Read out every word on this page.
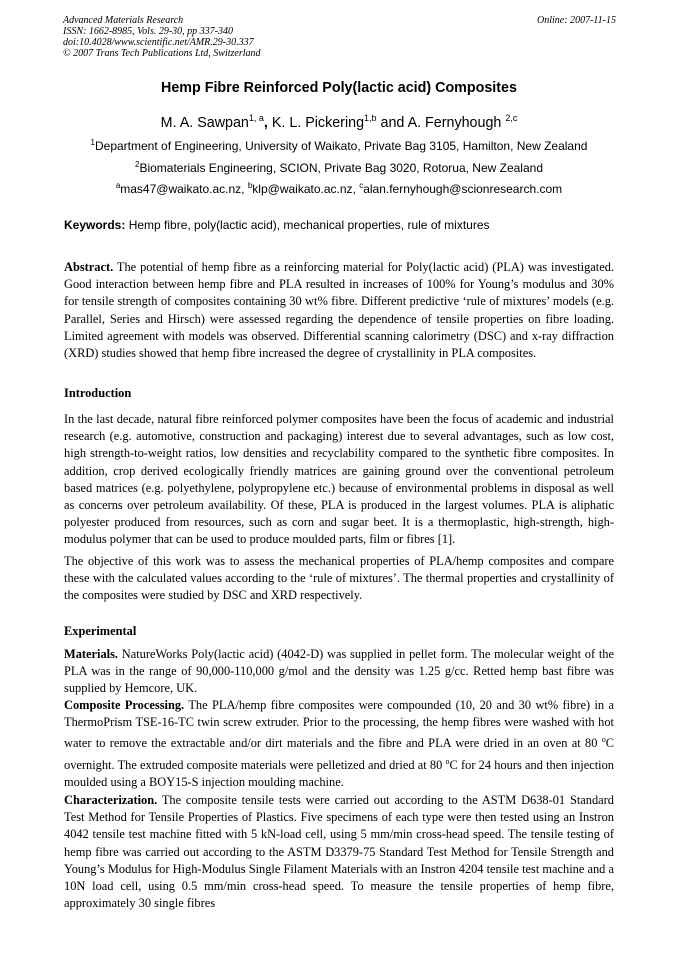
Advanced Materials Research
ISSN: 1662-8985, Vols. 29-30, pp 337-340
doi:10.4028/www.scientific.net/AMR.29-30.337
© 2007 Trans Tech Publications Ltd, Switzerland
Online: 2007-11-15
Hemp Fibre Reinforced Poly(lactic acid) Composites
M. A. Sawpan$^{1, a}$, K. L. Pickering$^{1,b}$ and A. Fernyhough $^{2,c}$
$^1$Department of Engineering, University of Waikato, Private Bag 3105, Hamilton, New Zealand
$^2$Biomaterials Engineering, SCION, Private Bag 3020, Rotorua, New Zealand
$^a$mas47@waikato.ac.nz, $^b$klp@waikato.ac.nz, $^c$alan.fernyhough@scionresearch.com
Keywords: Hemp fibre, poly(lactic acid), mechanical properties, rule of mixtures
Abstract. The potential of hemp fibre as a reinforcing material for Poly(lactic acid) (PLA) was investigated. Good interaction between hemp fibre and PLA resulted in increases of 100% for Young’s modulus and 30% for tensile strength of composites containing 30 wt% fibre. Different predictive ‘rule of mixtures’ models (e.g. Parallel, Series and Hirsch) were assessed regarding the dependence of tensile properties on fibre loading. Limited agreement with models was observed. Differential scanning calorimetry (DSC) and x-ray diffraction (XRD) studies showed that hemp fibre increased the degree of crystallinity in PLA composites.
Introduction
In the last decade, natural fibre reinforced polymer composites have been the focus of academic and industrial research (e.g. automotive, construction and packaging) interest due to several advantages, such as low cost, high strength-to-weight ratios, low densities and recyclability compared to the synthetic fibre composites. In addition, crop derived ecologically friendly matrices are gaining ground over the conventional petroleum based matrices (e.g. polyethylene, polypropylene etc.) because of environmental problems in disposal as well as concerns over petroleum availability. Of these, PLA is produced in the largest volumes. PLA is aliphatic polyester produced from resources, such as corn and sugar beet. It is a thermoplastic, high-strength, high-modulus polymer that can be used to produce moulded parts, film or fibres [1].
The objective of this work was to assess the mechanical properties of PLA/hemp composites and compare these with the calculated values according to the ‘rule of mixtures’. The thermal properties and crystallinity of the composites were studied by DSC and XRD respectively.
Experimental
Materials. NatureWorks Poly(lactic acid) (4042-D) was supplied in pellet form. The molecular weight of the PLA was in the range of 90,000-110,000 g/mol and the density was 1.25 g/cc. Retted hemp bast fibre was supplied by Hemcore, UK.
Composite Processing. The PLA/hemp fibre composites were compounded (10, 20 and 30 wt% fibre) in a ThermoPrism TSE-16-TC twin screw extruder. Prior to the processing, the hemp fibres were washed with hot water to remove the extractable and/or dirt materials and the fibre and PLA were dried in an oven at 80 $^o$C overnight. The extruded composite materials were pelletized and dried at 80 $^o$C for 24 hours and then injection moulded using a BOY15-S injection moulding machine.
Characterization. The composite tensile tests were carried out according to the ASTM D638-01 Standard Test Method for Tensile Properties of Plastics. Five specimens of each type were then tested using an Instron 4042 tensile test machine fitted with 5 kN-load cell, using 5 mm/min cross-head speed. The tensile testing of hemp fibre was carried out according to the ASTM D3379-75 Standard Test Method for Tensile Strength and Young’s Modulus for High-Modulus Single Filament Materials with an Instron 4204 tensile test machine and a 10N load cell, using 0.5 mm/min cross-head speed. To measure the tensile properties of hemp fibre, approximately 30 single fibres
